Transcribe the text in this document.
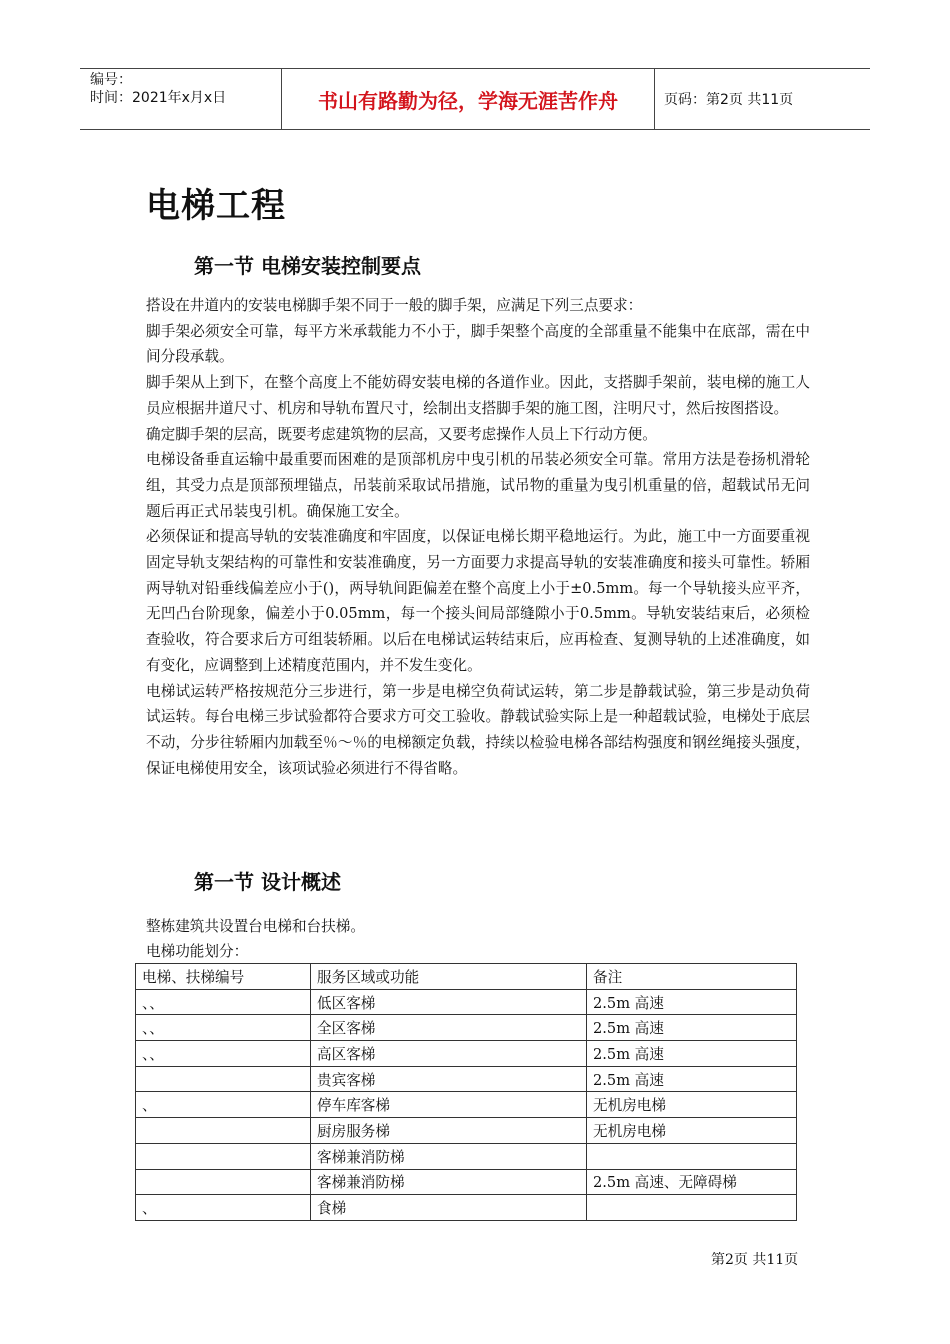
编号：
时间：2021年x月x日	书山有路勤为径，学海无涯苦作舟	页码：第2页 共11页
电梯工程
第一节 电梯安装控制要点

搭设在井道内的安装电梯脚手架不同于一般的脚手架，应满足下列三点要求：

脚手架必须安全可靠，每平方米承载能力不小于，脚手架整个高度的全部重量不能集中在底部，需在中间分段承载。

脚手架从上到下，在整个高度上不能妨碍安装电梯的各道作业。因此，支搭脚手架前，装电梯的施工人员应根据井道尺寸、机房和导轨布置尺寸，绘制出支搭脚手架的施工图，注明尺寸，然后按图搭设。

确定脚手架的层高，既要考虑建筑物的层高，又要考虑操作人员上下行动方便。

电梯设备垂直运输中最重要而困难的是顶部机房中曳引机的吊装必须安全可靠。常用方法是卷扬机滑轮组，其受力点是顶部预埋锚点，吊装前采取试吊措施，试吊物的重量为曳引机重量的倍，超载试吊无问题后再正式吊装曳引机。确保施工安全。

必须保证和提高导轨的安装准确度和牢固度，以保证电梯长期平稳地运行。为此，施工中一方面要重视固定导轨支架结构的可靠性和安装准确度，另一方面要力求提高导轨的安装准确度和接头可靠性。轿厢两导轨对铅垂线偏差应小于()，两导轨间距偏差在整个高度上小于±0.5mm。每一个导轨接头应平齐，无凹凸台阶现象，偏差小于0.05mm，每一个接头间局部缝隙小于0.5mm。导轨安装结束后，必须检查验收，符合要求后方可组装轿厢。以后在电梯试运转结束后，应再检查、复测导轨的上述准确度，如有变化，应调整到上述精度范围内，并不发生变化。

电梯试运转严格按规范分三步进行，第一步是电梯空负荷试运转，第二步是静载试验，第三步是动负荷试运转。每台电梯三步试验都符合要求方可交工验收。静载试验实际上是一种超载试验，电梯处于底层不动，分步往轿厢内加载至％～％的电梯额定负载，持续以检验电梯各部结构强度和钢丝绳接头强度，保证电梯使用安全，该项试验必须进行不得省略。

第一节 设计概述

整栋建筑共设置台电梯和台扶梯。

电梯功能划分：

电梯、扶梯编号	服务区域或功能	备注
、、	低区客梯	2.5m 高速
、、	全区客梯	2.5m 高速
、、	高区客梯	2.5m 高速
	贵宾客梯	2.5m 高速
、	停车库客梯	无机房电梯
	厨房服务梯	无机房电梯
	客梯兼消防梯	
	客梯兼消防梯	2.5m 高速、无障碍梯
、	食梯	
第2页 共11页
